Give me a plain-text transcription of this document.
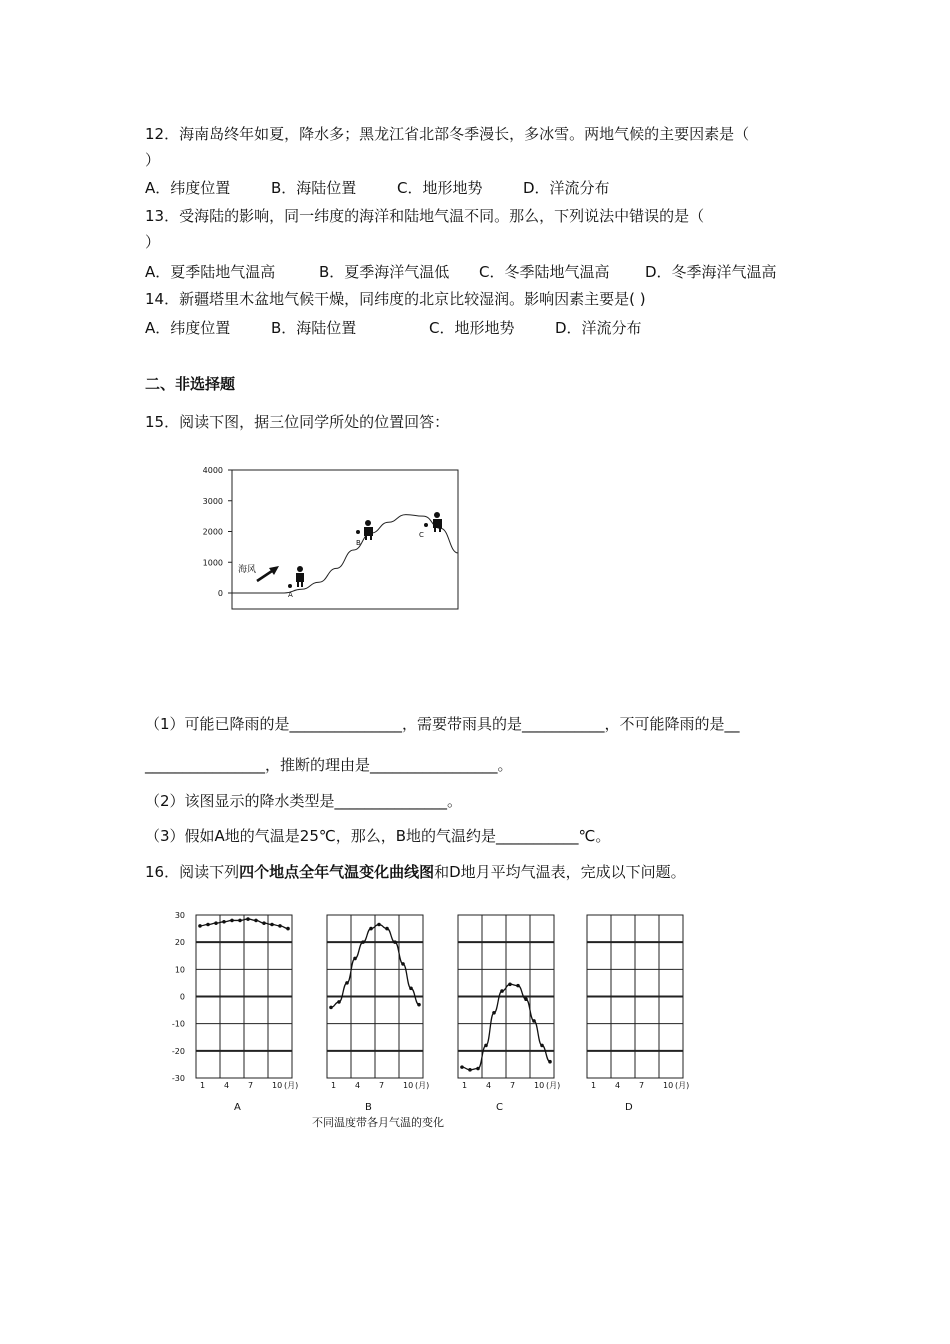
12．海南岛终年如夏，降水多；黑龙江省北部冬季漫长，多冰雪。两地气候的主要因素是（
）
A．纬度位置	B．海陆位置	C．地形地势	D．洋流分布
13．受海陆的影响，同一纬度的海洋和陆地气温不同。那么，下列说法中错误的是（
）
A．夏季陆地气温高	B．夏季海洋气温低 C．冬季陆地气温高 D．冬季海洋气温高
14．新疆塔里木盆地气候干燥，同纬度的北京比较湿润。影响因素主要是( )
A．纬度位置	B．海陆位置	C．地形地势	D．洋流分布
二、非选择题
15．阅读下图，据三位同学所处的位置回答：
4000
3000
2000
1000
0
海风
A
B
C
（1）可能已降雨的是_______________，需要带雨具的是___________，不可能降雨的是__
________________，推断的理由是_________________。
（2）该图显示的降水类型是_______________。
（3）假如A地的气温是25℃，那么，B地的气温约是___________℃。
16．阅读下列四个地点全年气温变化曲线图和D地月平均气温表，完成以下问题。
30
20
10
0
-10
-20
-30
1 4 7 10 (月)
A
1 4 7 10 (月)
B
1 4 7 10 (月)
C
1 4 7 10 (月)
D
不同温度带各月气温的变化
